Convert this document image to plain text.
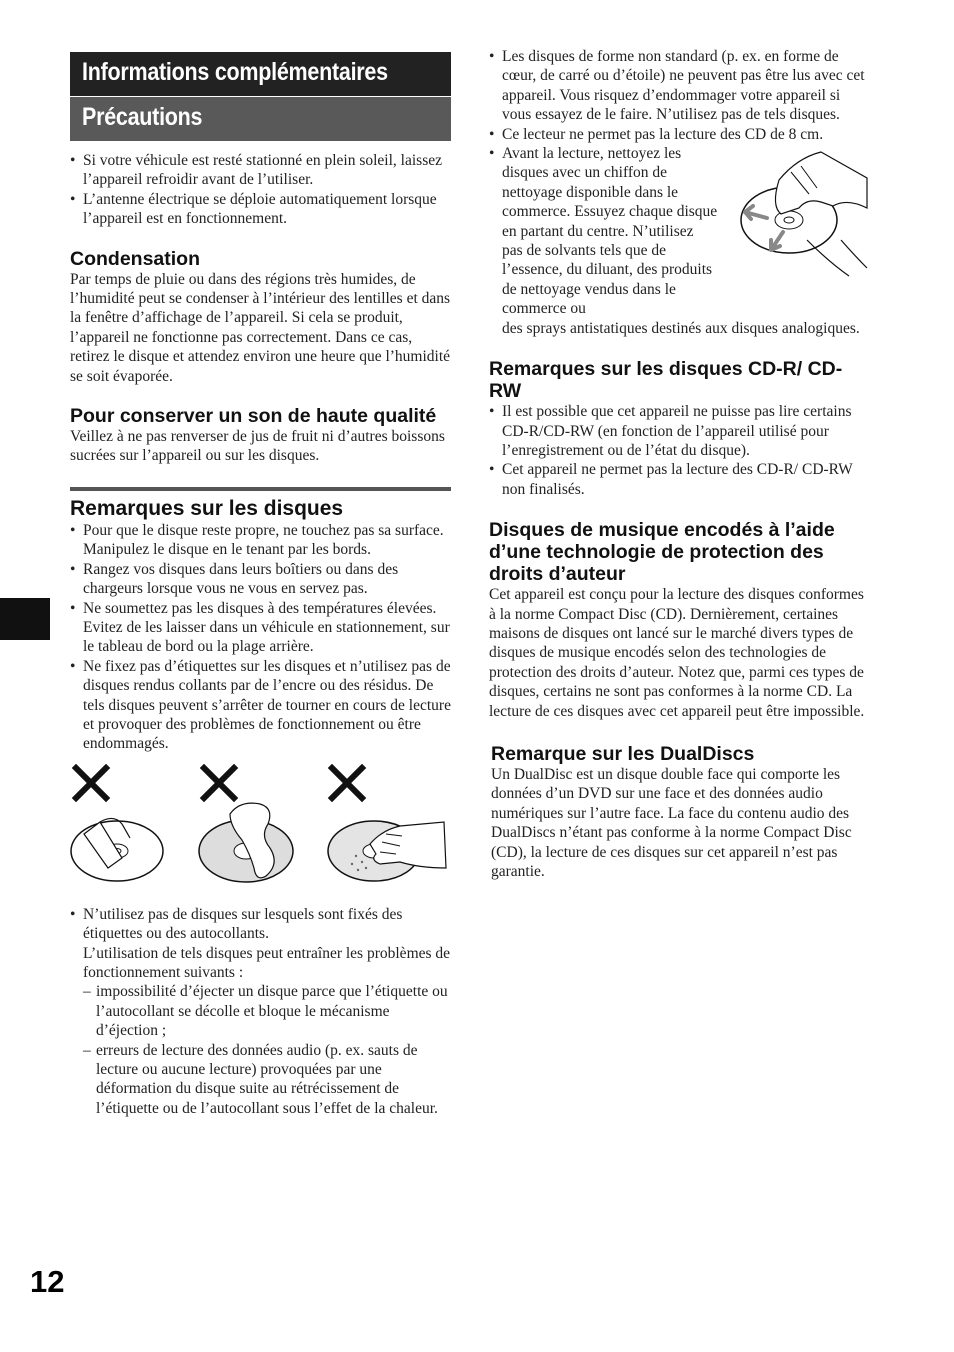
Informations complémentaires
Précautions
• Si votre véhicule est resté stationné en plein soleil, laissez l’appareil refroidir avant de l’utiliser.
• L’antenne électrique se déploie automatiquement lorsque l’appareil est en fonctionnement.
Condensation

Par temps de pluie ou dans des régions très humides, de l’humidité peut se condenser à l’intérieur des lentilles et dans la fenêtre d’affichage de l’appareil. Si cela se produit, l’appareil ne fonctionne pas correctement. Dans ce cas, retirez le disque et attendez environ une heure que l’humidité se soit évaporée.

Pour conserver un son de haute qualité

Veillez à ne pas renverser de jus de fruit ni d’autres boissons sucrées sur l’appareil ou sur les disques.

Remarques sur les disques
• Pour que le disque reste propre, ne touchez pas sa surface. Manipulez le disque en le tenant par les bords.
• Rangez vos disques dans leurs boîtiers ou dans des chargeurs lorsque vous ne vous en servez pas.
• Ne soumettez pas les disques à des températures élevées. Evitez de les laisser dans un véhicule en stationnement, sur le tableau de bord ou la plage arrière.
• Ne fixez pas d’étiquettes sur les disques et n’utilisez pas de disques rendus collants par de l’encre ou des résidus. De tels disques peuvent s’arrêter de tourner en cours de lecture et provoquer des problèmes de fonctionnement ou être endommagés.
• N’utilisez pas de disques sur lesquels sont fixés des étiquettes ou des autocollants.
L’utilisation de tels disques peut entraîner les problèmes de fonctionnement suivants :
– impossibilité d’éjecter un disque parce que l’étiquette ou l’autocollant se décolle et bloque le mécanisme d’éjection ;
– erreurs de lecture des données audio (p. ex. sauts de lecture ou aucune lecture) provoquées par une déformation du disque suite au rétrécissement de l’étiquette ou de l’autocollant sous l’effet de la chaleur.
• Les disques de forme non standard (p. ex. en forme de cœur, de carré ou d’étoile) ne peuvent pas être lus avec cet appareil. Vous risquez d’endommager votre appareil si vous essayez de le faire. N’utilisez pas de tels disques.
• Ce lecteur ne permet pas la lecture des CD de 8 cm.
• Avant la lecture, nettoyez les disques avec un chiffon de nettoyage disponible dans le commerce. Essuyez chaque disque en partant du centre. N’utilisez pas de solvants tels que de l’essence, du diluant, des produits de nettoyage vendus dans le commerce ou
des sprays antistatiques destinés aux disques analogiques.
Remarques sur les disques CD-R/ CD-RW
• Il est possible que cet appareil ne puisse pas lire certains CD-R/CD-RW (en fonction de l’appareil utilisé pour l’enregistrement ou de l’état du disque).
• Cet appareil ne permet pas la lecture des CD-R/ CD-RW non finalisés.
Disques de musique encodés à l’aide d’une technologie de protection des droits d’auteur

Cet appareil est conçu pour la lecture des disques conformes à la norme Compact Disc (CD). Dernièrement, certaines maisons de disques ont lancé sur le marché divers types de disques de musique encodés selon des technologies de protection des droits d’auteur. Notez que, parmi ces types de disques, certains ne sont pas conformes à la norme CD. La lecture de ces disques avec cet appareil peut être impossible.

Remarque sur les DualDiscs

Un DualDisc est un disque double face qui comporte les données d’un DVD sur une face et des données audio numériques sur l’autre face. La face du contenu audio des DualDiscs n’étant pas conforme à la norme Compact Disc (CD), la lecture de ces disques sur cet appareil n’est pas garantie.

12
